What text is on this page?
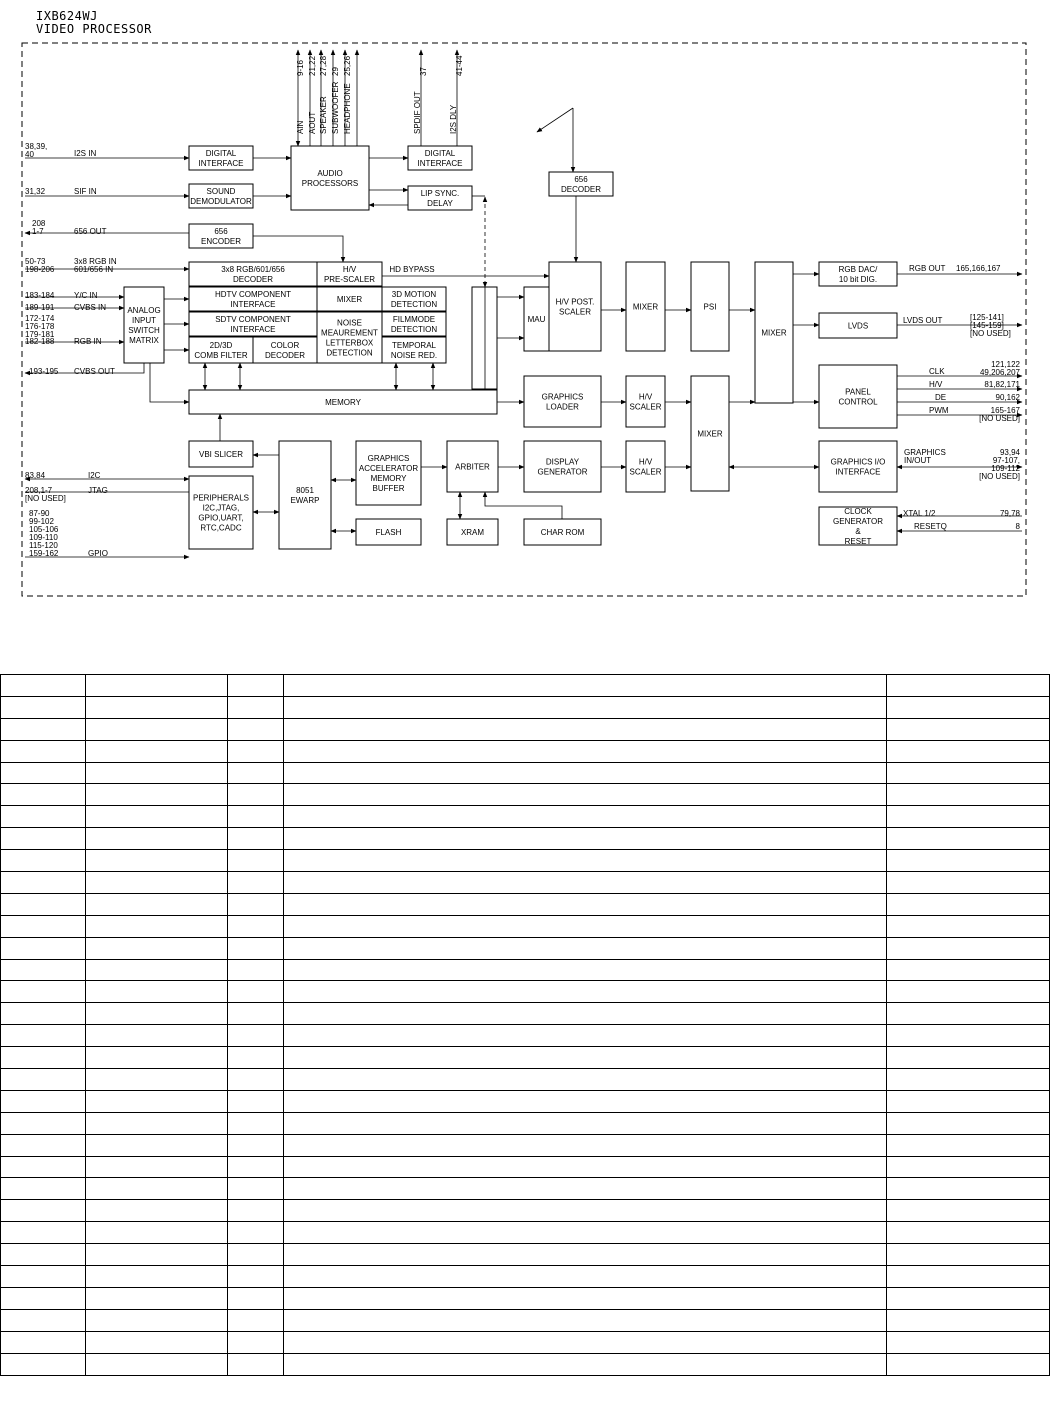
IXB624WJ
VIDEO PROCESSOR
DIGITAL INTERFACE
SOUND DEMODULATOR
656 ENCODER
AUDIO PROCESSORS
DIGITAL INTERFACE
LIP SYNC. DELAY
656 DECODER
ANALOG INPUT SWITCH MATRIX
3x8 RGB/601/656 DECODER
H/V PRE-SCALER
HDTV COMPONENT INTERFACE
SDTV COMPONENT INTERFACE
2D/3D COMB FILTER
COLOR DECODER
MIXER
NOISE MEAUREMENT LETTERBOX DETECTION
3D MOTION DETECTION
FILMMODE DETECTION
TEMPORAL NOISE RED.
MAU
H/V POST. SCALER
MIXER	PSI
MIXER
MEMORY
GRAPHICS LOADER
H/V SCALER
MIXER
VBI SLICER
PERIPHERALS I2C,JTAG, GPIO,UART, RTC,CADC
8051 EWARP
GRAPHICS ACCELERATOR MEMORY BUFFER
FLASH
ARBITER
XRAM
DISPLAY GENERATOR
CHAR ROM
H/V SCALER
RGB DAC/ 10 bit DIG.
LVDS
PANEL CONTROL
GRAPHICS I/O INTERFACE
CLOCK GENERATOR & RESET
HD BYPASS
38,39, 40	I2S IN
31,32	SIF IN
208 1-7	656 OUT
50-73	3x8 RGB IN
198-206 601/656 IN
183-184 Y/C IN
189-191 CVBS IN
172-174 176-178 179-181
182-188 RGB IN
193-195 CVBS OUT
83,84	I2C
208,1-7 [NO USED]
JTAG
87-90 99-102 105-106 109-110 115-120 159-162	GPIO
RGB OUT 165,166,167
LVDS OUT	[125-141] [145-159] [NO USED]
CLK
121,122 49,206,207
H/V	81,82,171
DE	90,162
PWM	165-167 [NO USED]
GRAPHICS IN/OUT
93,94 97-107, 109-112 [NO USED]
XTAL 1/2	79,78
RESETQ	8
9-16 21,22 27,28 29 25,26	37	41-44
AIN AOUT SPEAKER SUBWOOFER HEADPHONE	SPDIF OUT	I2S DLY
